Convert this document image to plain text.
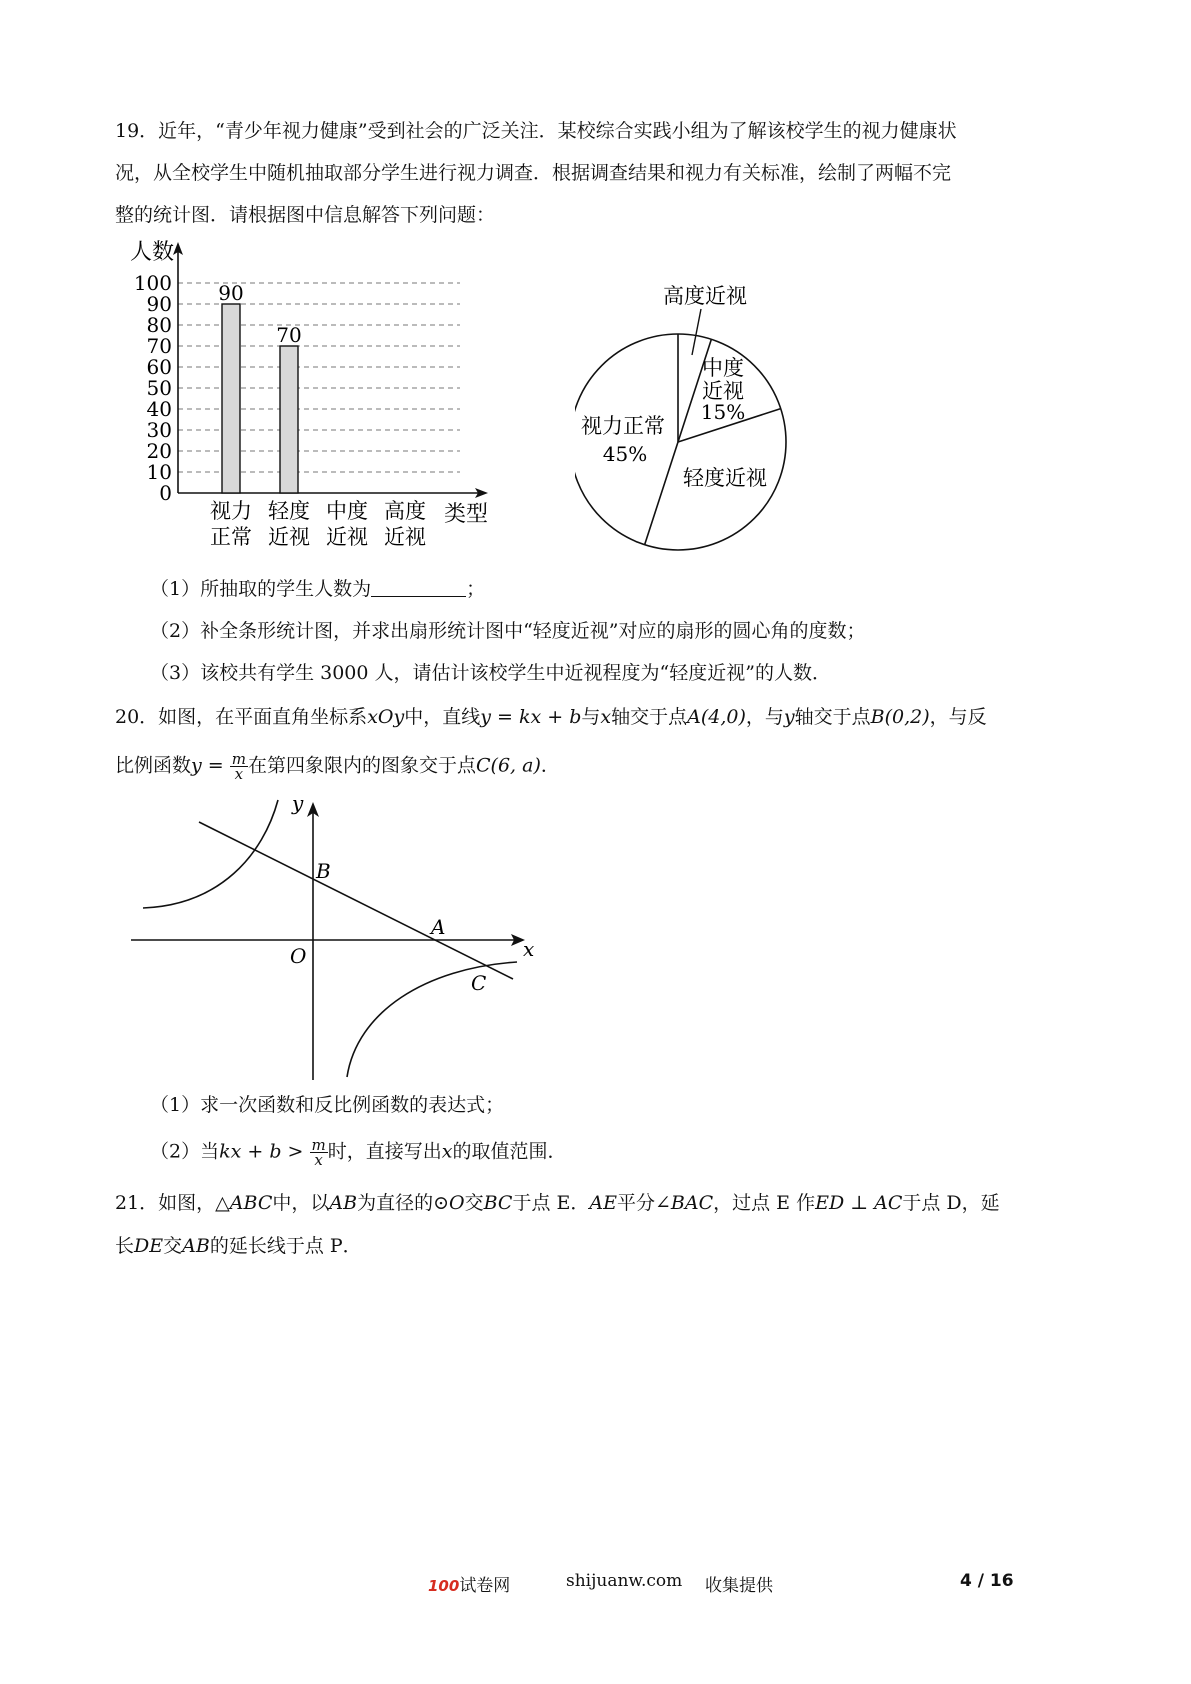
19．近年，“青少年视力健康”受到社会的广泛关注．某校综合实践小组为了解该校学生的视力健康状
况，从全校学生中随机抽取部分学生进行视力调查．根据调查结果和视力有关标准，绘制了两幅不完
整的统计图．请根据图中信息解答下列问题：
0
10
20
30
40
50
60
70
80
90
100
人数
类型
90
视力
正常
70
轻度
近视
中度
近视
高度
近视
视力正常
45%
轻度近视
中度
近视
15%
高度近视
（1）所抽取的学生人数为	；
（2）补全条形统计图，并求出扇形统计图中“轻度近视”对应的扇形的圆心角的度数；
（3）该校共有学生 3000 人，请估计该校学生中近视程度为“轻度近视”的人数．
20．如图，在平面直角坐标系xOy中，直线y = kx + b与x轴交于点A(4,0)，与y轴交于点B(0,2)，与反
比例函数$y = \frac{m}{x}$ 在第四象限内的图象交于点C(6, a)．
y
x
B
O
A
C
（1）求一次函数和反比例函数的表达式；
（2）当kx + $b > \frac{m}{x}$ 时，直接写出x的取值范围．
21．如图，△ABC中，以AB为直径的⊙O交BC于点 E．AE平分∠BAC，过点 E 作ED ⊥ AC于点 D，延
长DE交AB的延长线于点 P．
100试卷网	shijuanw.com 收集提供	4 / 16
